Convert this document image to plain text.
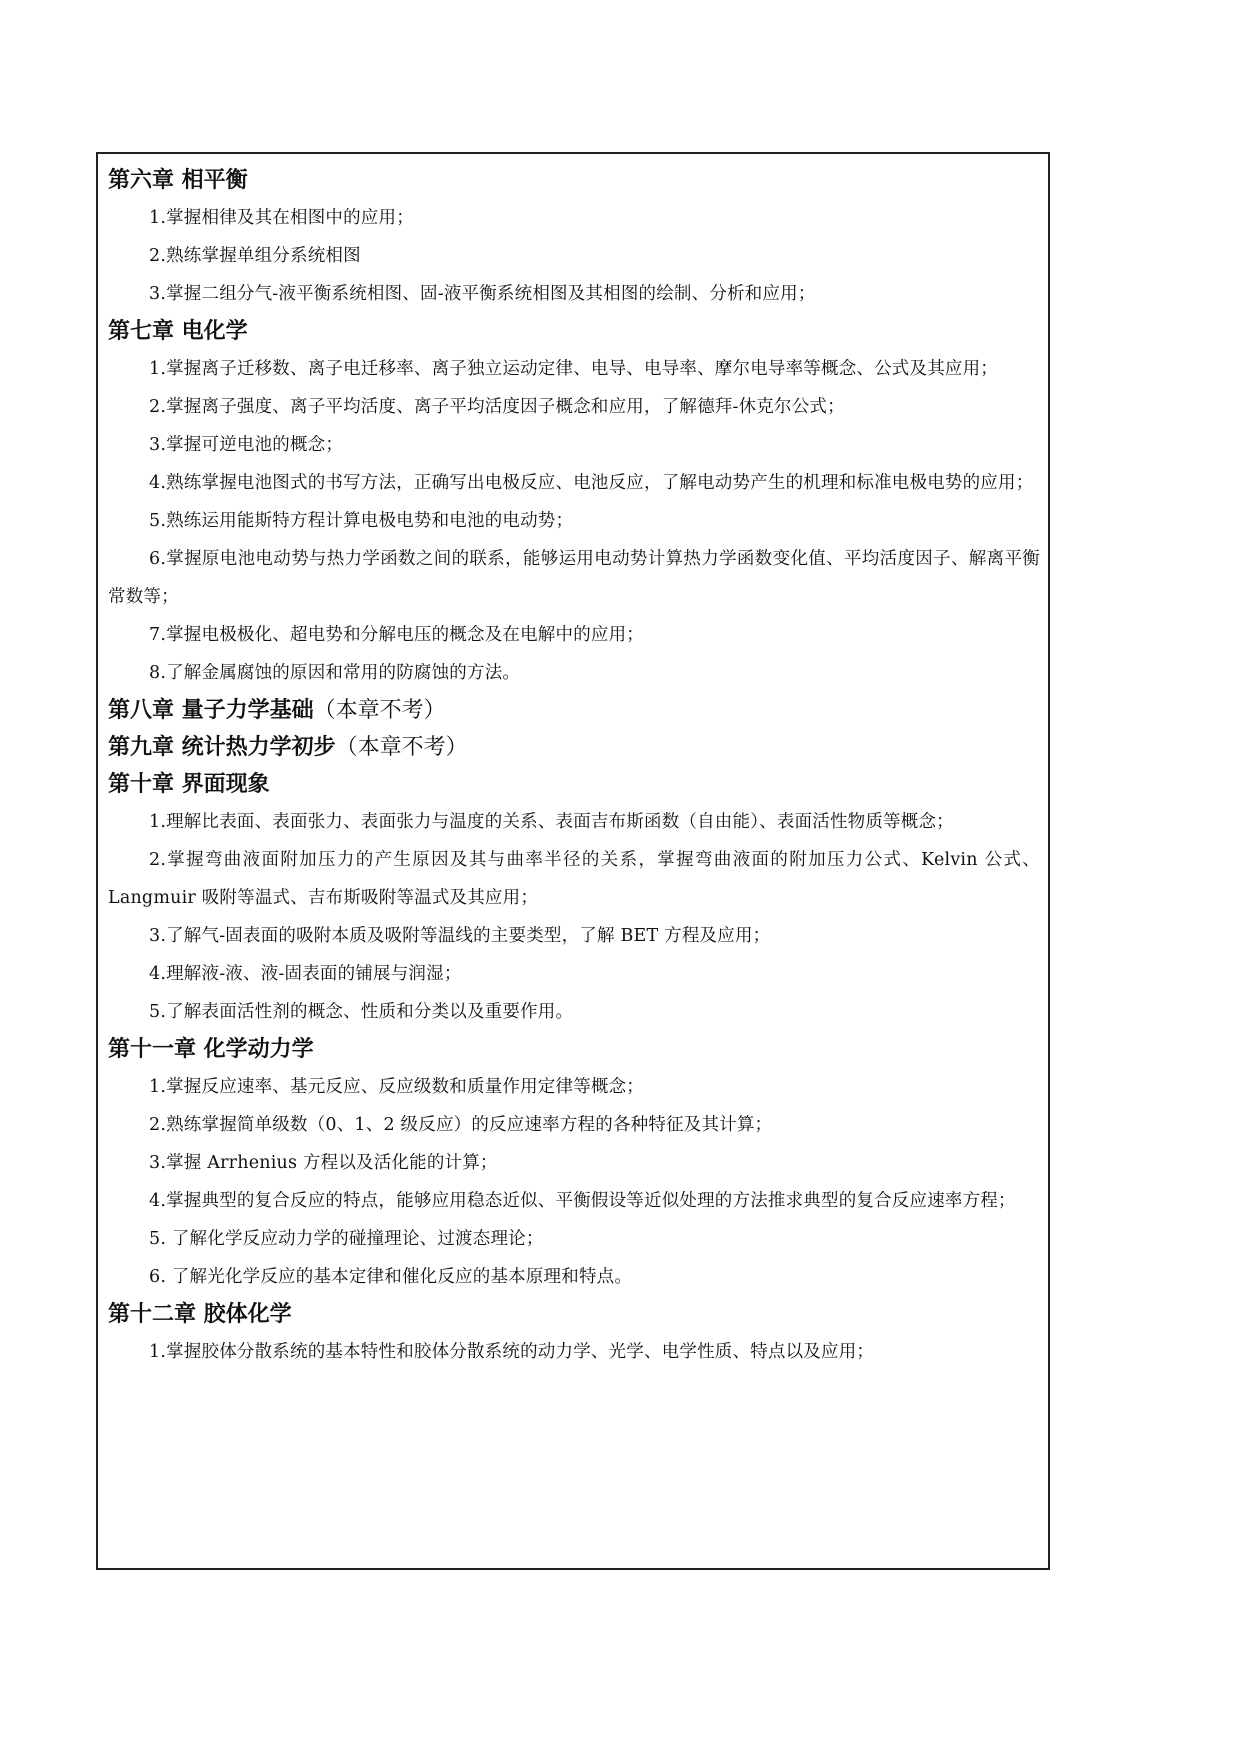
第六章 相平衡
1.掌握相律及其在相图中的应用；
2.熟练掌握单组分系统相图
3.掌握二组分气-液平衡系统相图、固-液平衡系统相图及其相图的绘制、分析和应用；
第七章 电化学
1.掌握离子迁移数、离子电迁移率、离子独立运动定律、电导、电导率、摩尔电导率等概念、公式及其应用；
2.掌握离子强度、离子平均活度、离子平均活度因子概念和应用，了解德拜-休克尔公式；
3.掌握可逆电池的概念；
4.熟练掌握电池图式的书写方法，正确写出电极反应、电池反应，了解电动势产生的机理和标准电极电势的应用；
5.熟练运用能斯特方程计算电极电势和电池的电动势；
6.掌握原电池电动势与热力学函数之间的联系，能够运用电动势计算热力学函数变化值、平均活度因子、解离平衡常数等；
7.掌握电极极化、超电势和分解电压的概念及在电解中的应用；
8.了解金属腐蚀的原因和常用的防腐蚀的方法。
第八章 量子力学基础（本章不考）
第九章 统计热力学初步（本章不考）
第十章 界面现象
1.理解比表面、表面张力、表面张力与温度的关系、表面吉布斯函数（自由能）、表面活性物质等概念；
2.掌握弯曲液面附加压力的产生原因及其与曲率半径的关系，掌握弯曲液面的附加压力公式、Kelvin 公式、Langmuir 吸附等温式、吉布斯吸附等温式及其应用；
3.了解气-固表面的吸附本质及吸附等温线的主要类型，了解 BET 方程及应用；
4.理解液-液、液-固表面的铺展与润湿；
5.了解表面活性剂的概念、性质和分类以及重要作用。
第十一章 化学动力学
1.掌握反应速率、基元反应、反应级数和质量作用定律等概念；
2.熟练掌握简单级数（0、1、2 级反应）的反应速率方程的各种特征及其计算；
3.掌握 Arrhenius 方程以及活化能的计算；
4.掌握典型的复合反应的特点，能够应用稳态近似、平衡假设等近似处理的方法推求典型的复合反应速率方程；
5. 了解化学反应动力学的碰撞理论、过渡态理论；
6. 了解光化学反应的基本定律和催化反应的基本原理和特点。
第十二章 胶体化学
1.掌握胶体分散系统的基本特性和胶体分散系统的动力学、光学、电学性质、特点以及应用；
